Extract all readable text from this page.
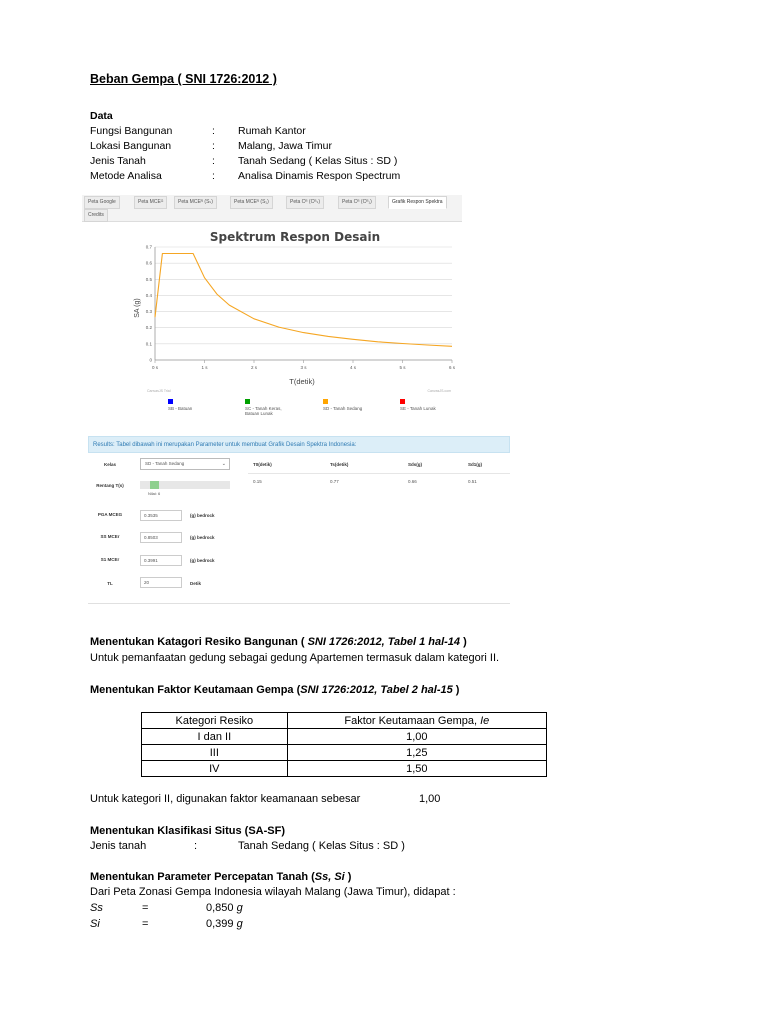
Beban Gempa ( SNI 1726:2012 )
Data
Fungsi Bangunan	:	Rumah Kantor
Lokasi Bangunan	:	Malang, Jawa Timur
Jenis Tanah	:	Tanah Sedang ( Kelas Situs : SD )
Metode Analisa	:	Analisa Dinamis Respon Spectrum
Peta Google	Peta MCEᴳ	Peta MCEᴿ (Sₛ)	Peta MCEᴿ (S₁)	Peta Cᴿ (Cᴿₛ)	Peta Cᴿ (Cᴿ₁)	Grafik Respon Spektra
Credits
Spektrum Respon Desain
SA (g)
T(detik)
CanvasJS Trial	CanvasJS.com
0
0.1
0.2
0.3
0.4
0.5
0.6
0.7
0 s	1 s	2 s	3 s	4 s	5 s	6 s
SB - Batuan	SC - Tanah Keras, Batuan Lunak
SD - Tanah Sedang	SE - Tanah Lunak
Results: Tabel dibawah ini merupakan Parameter untuk membuat Grafik Desain Spektra Indonesia:
Kelas	SD - Tanah Sedang	⌄	T0(detik)	Ts(detik)	Sds(g)	Sd1(g)
0.15	0.77	0.66	0.51
Rentang T(s)
Nilai: 6
PGA MCEG	0.3535	(g) bedrock
SS MCEr	0.8503	(g) bedrock
S1 MCEr	0.3991	(g) bedrock
TL	20	Detik
Menentukan Katagori Resiko Bangunan ( SNI 1726:2012, Tabel 1 hal-14 )
Untuk pemanfaatan gedung sebagai gedung Apartemen termasuk dalam kategori II.
Menentukan Faktor Keutamaan Gempa (SNI 1726:2012, Tabel 2 hal-15 )
Kategori Resiko	Faktor Keutamaan Gempa, Ie
I dan II	1,00
III	1,25
IV	1,50
Untuk kategori II, digunakan faktor keamanaan sebesar	1,00
Menentukan Klasifikasi Situs (SA-SF)
Jenis tanah	:	Tanah Sedang ( Kelas Situs : SD )
Menentukan Parameter Percepatan Tanah (Ss, Si )
Dari Peta Zonasi Gempa Indonesia wilayah Malang (Jawa Timur), didapat :
Ss	=	0,850 g
Si	=	0,399 g
